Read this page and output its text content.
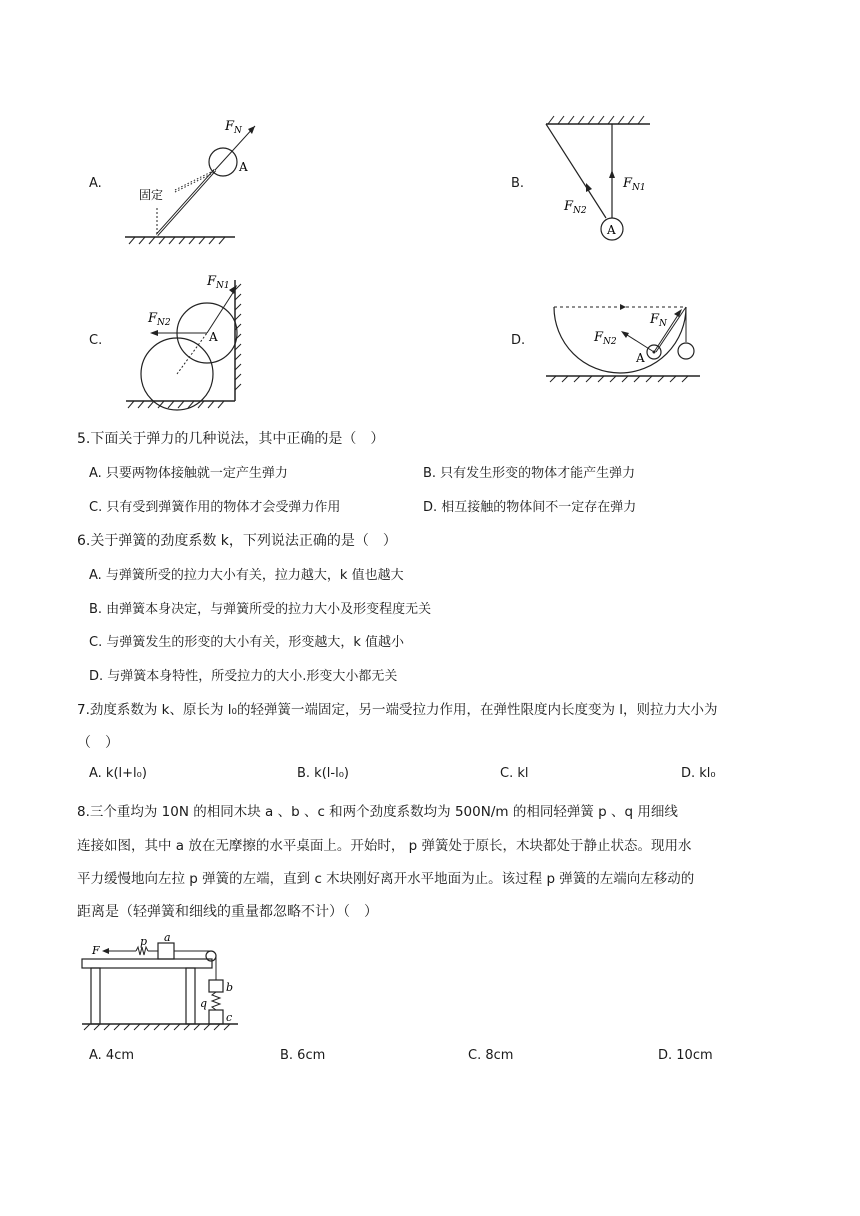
A.	B.
C.	D.
$F_N$
A
固定
A
$F_{N1}$
$F_{N2}$
$F_{N1}$
$F_{N2}$
A
$F_N$
$F_{N2}$
A
5.下面关于弹力的几种说法，其中正确的是（　）
A. 只要两物体接触就一定产生弹力	B. 只有发生形变的物体才能产生弹力
C. 只有受到弹簧作用的物体才会受弹力作用	D. 相互接触的物体间不一定存在弹力
6.关于弹簧的劲度系数 k，下列说法正确的是（　）
A. 与弹簧所受的拉力大小有关，拉力越大，k 值也越大
B. 由弹簧本身决定，与弹簧所受的拉力大小及形变程度无关
C. 与弹簧发生的形变的大小有关，形变越大，k 值越小
D. 与弹簧本身特性，所受拉力的大小.形变大小都无关
7.劲度系数为 k、原长为 l₀的轻弹簧一端固定，另一端受拉力作用，在弹性限度内长度变为 l，则拉力大小为
（　）
A. k(l+l₀)	B. k(l-l₀)	C. kl	D. kl₀
8.三个重均为 10N 的相同木块 a 、b 、c 和两个劲度系数均为 500N/m 的相同轻弹簧 p 、q 用细线
连接如图，其中 a 放在无摩擦的水平桌面上。开始时， p 弹簧处于原长，木块都处于静止状态。现用水
平力缓慢地向左拉 p 弹簧的左端，直到 c 木块刚好离开水平地面为止。该过程 p 弹簧的左端向左移动的
距离是（轻弹簧和细线的重量都忽略不计）（　）
F
p a
b
q
c
A. 4cm	B. 6cm	C. 8cm	D. 10cm
